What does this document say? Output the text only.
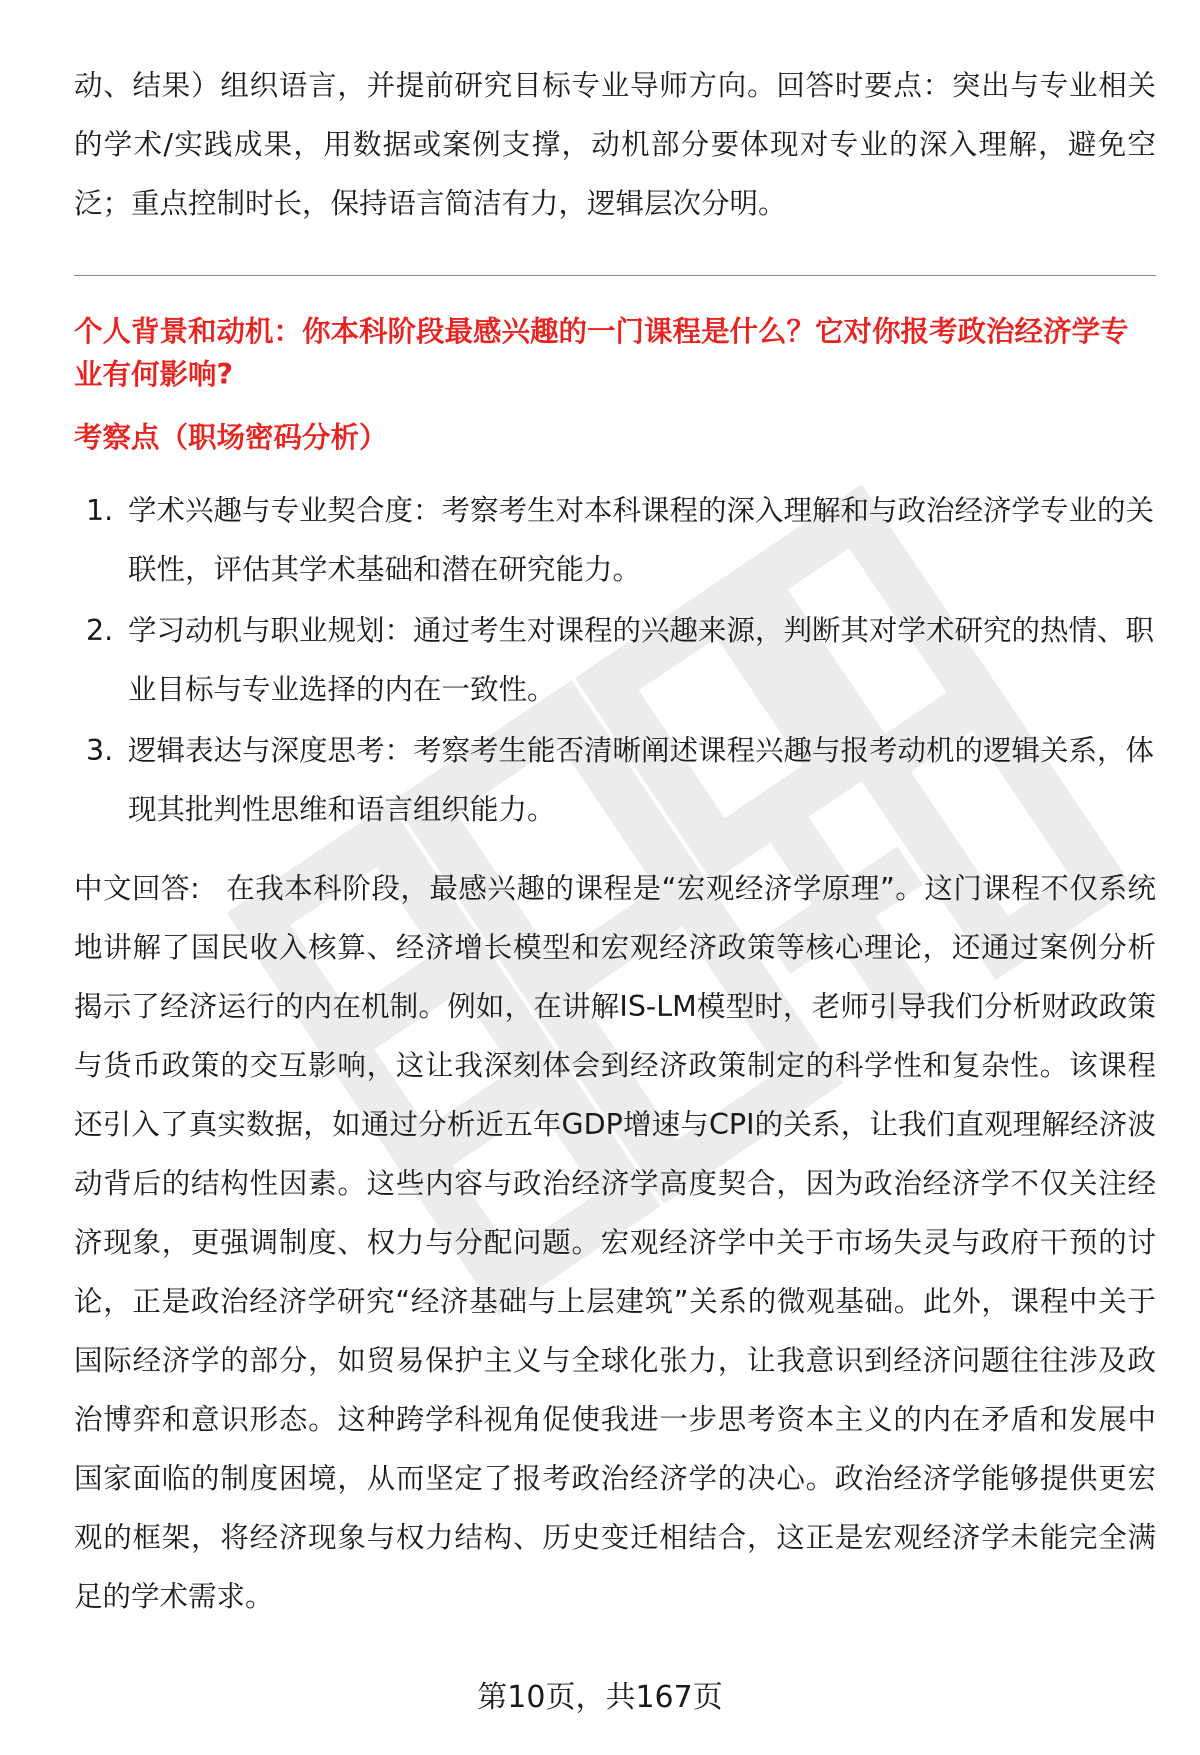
动、结果）组织语言，并提前研究目标专业导师方向。回答时要点：突出与专业相关的学术/实践成果，用数据或案例支撑，动机部分要体现对专业的深入理解，避免空泛；重点控制时长，保持语言简洁有力，逻辑层次分明。

个人背景和动机：你本科阶段最感兴趣的一门课程是什么？它对你报考政治经济学专业有何影响?

考察点（职场密码分析）

1. 学术兴趣与专业契合度：考察考生对本科课程的深入理解和与政治经济学专业的关联性，评估其学术基础和潜在研究能力。
2. 学习动机与职业规划：通过考生对课程的兴趣来源，判断其对学术研究的热情、职业目标与专业选择的内在一致性。
3. 逻辑表达与深度思考：考察考生能否清晰阐述课程兴趣与报考动机的逻辑关系，体现其批判性思维和语言组织能力。

中文回答: 在我本科阶段，最感兴趣的课程是“宏观经济学原理”。这门课程不仅系统地讲解了国民收入核算、经济增长模型和宏观经济政策等核心理论，还通过案例分析揭示了经济运行的内在机制。例如，在讲解IS-LM模型时，老师引导我们分析财政政策与货币政策的交互影响，这让我深刻体会到经济政策制定的科学性和复杂性。该课程还引入了真实数据，如通过分析近五年GDP增速与CPI的关系，让我们直观理解经济波动背后的结构性因素。这些内容与政治经济学高度契合，因为政治经济学不仅关注经济现象，更强调制度、权力与分配问题。宏观经济学中关于市场失灵与政府干预的讨论，正是政治经济学研究“经济基础与上层建筑”关系的微观基础。此外，课程中关于国际经济学的部分，如贸易保护主义与全球化张力，让我意识到经济问题往往涉及政治博弈和意识形态。这种跨学科视角促使我进一步思考资本主义的内在矛盾和发展中国家面临的制度困境，从而坚定了报考政治经济学的决心。政治经济学能够提供更宏观的框架，将经济现象与权力结构、历史变迁相结合，这正是宏观经济学未能完全满足的学术需求。

第10页，共167页
